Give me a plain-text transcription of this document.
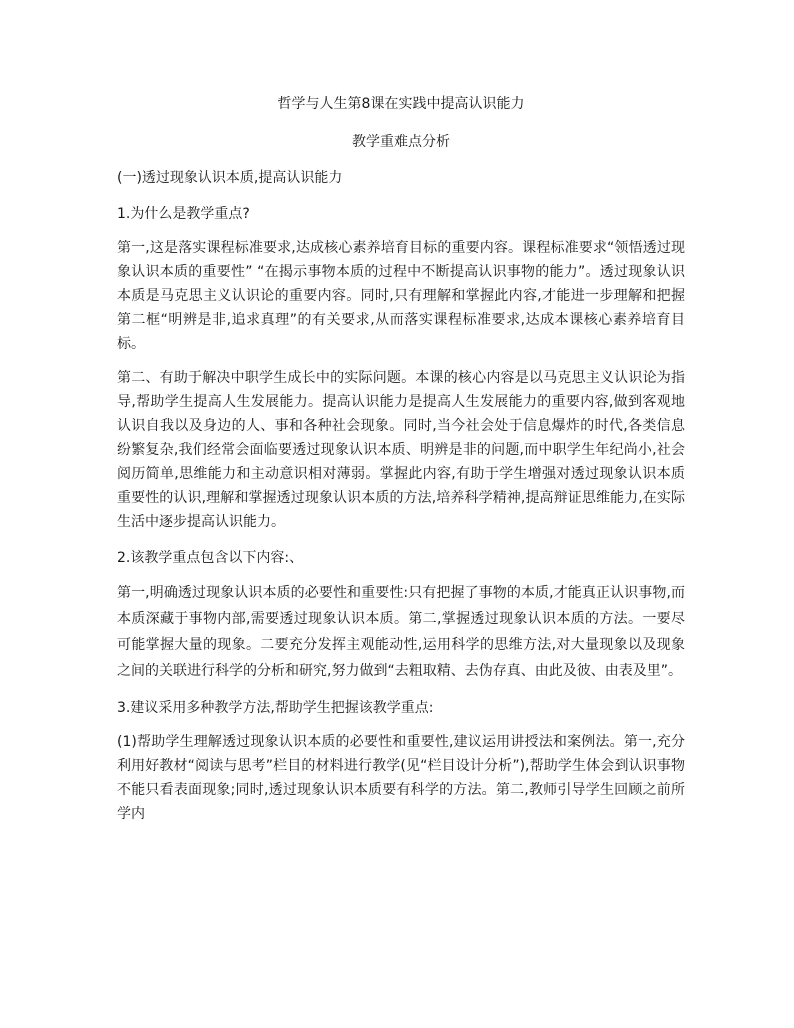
哲学与人生第8课在实践中提高认识能力

教学重难点分析

(一)透过现象认识本质,提高认识能力

1.为什么是教学重点?

第一,这是落实课程标准要求,达成核心素养培育目标的重要内容。课程标准要求“领悟透过现象认识本质的重要性” “在揭示事物本质的过程中不断提高认识事物的能力”。透过现象认识本质是马克思主义认识论的重要内容。同时,只有理解和掌握此内容,才能进一步理解和把握第二框“明辨是非,追求真理”的有关要求,从而落实课程标准要求,达成本课核心素养培育目标。

第二、有助于解决中职学生成长中的实际问题。本课的核心内容是以马克思主义认识论为指导,帮助学生提高人生发展能力。提高认识能力是提高人生发展能力的重要内容,做到客观地认识自我以及身边的人、事和各种社会现象。同时,当今社会处于信息爆炸的时代,各类信息纷繁复杂,我们经常会面临要透过现象认识本质、明辨是非的问题,而中职学生年纪尚小,社会阅历简单,思维能力和主动意识相对薄弱。掌握此内容,有助于学生增强对透过现象认识本质重要性的认识,理解和掌握透过现象认识本质的方法,培养科学精神,提高辩证思维能力,在实际生活中逐步提高认识能力。

2.该教学重点包含以下内容:、

第一,明确透过现象认识本质的必要性和重要性:只有把握了事物的本质,才能真正认识事物,而本质深藏于事物内部,需要透过现象认识本质。第二,掌握透过现象认识本质的方法。一要尽可能掌握大量的现象。二要充分发挥主观能动性,运用科学的思维方法,对大量现象以及现象之间的关联进行科学的分析和研究,努力做到“去粗取精、去伪存真、由此及彼、由表及里”。

3.建议采用多种教学方法,帮助学生把握该教学重点:

(1)帮助学生理解透过现象认识本质的必要性和重要性,建议运用讲授法和案例法。第一,充分利用好教材“阅读与思考”栏目的材料进行教学(见“栏目设计分析”),帮助学生体会到认识事物不能只看表面现象;同时,透过现象认识本质要有科学的方法。第二,教师引导学生回顾之前所学内
